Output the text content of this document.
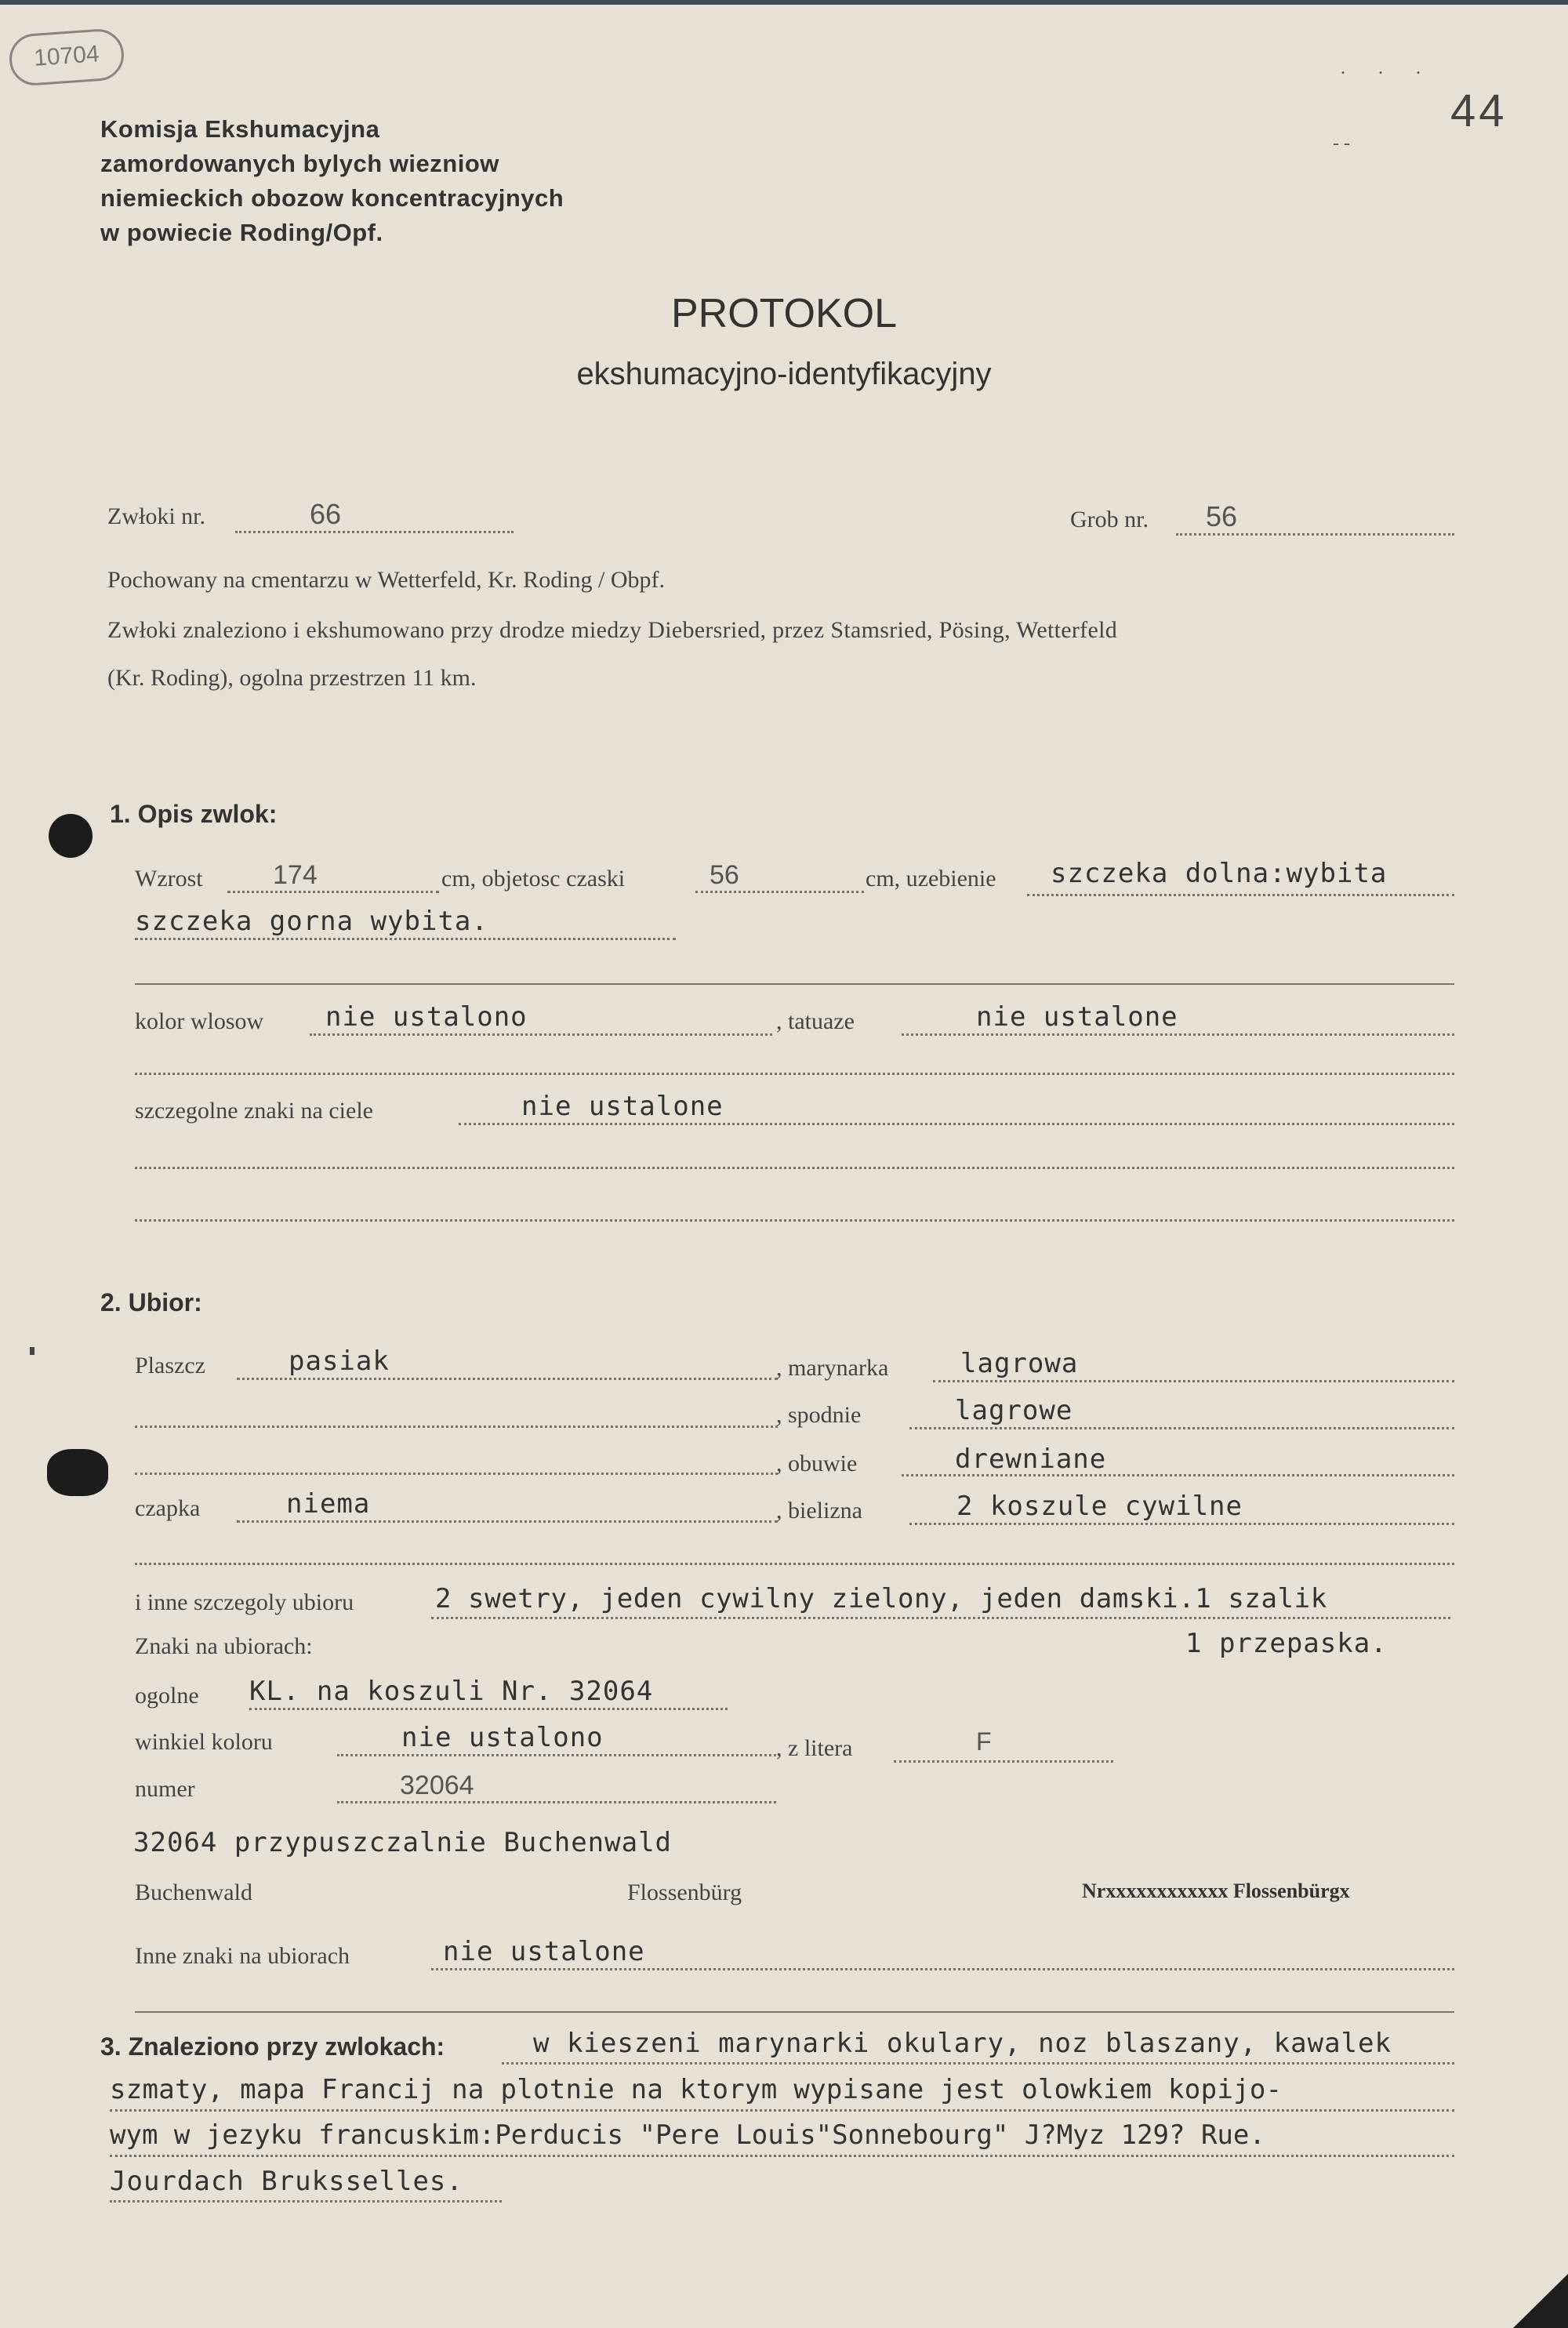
10704
44
. . .
- -
Komisja Ekshumacyjna
zamordowanych bylych wiezniow
niemieckich obozow koncentracyjnych
w powiecie Roding/Opf.
PROTOKOL
ekshumacyjno-identyfikacyjny
Zwłoki nr.	66	Grob nr. 56
Pochowany na cmentarzu w Wetterfeld, Kr. Roding / Obpf.
Zwłoki znaleziono i ekshumowano przy drodze miedzy Diebersried, przez Stamsried, Pösing, Wetterfeld
(Kr. Roding), ogolna przestrzen 11 km.
1. Opis zwlok:
Wzrost	174	cm, objetosc czaski	56	cm, uzebienie szczeka dolna:wybita
szczeka gorna wybita.
kolor wlosow nie ustalono	, tatuaze	nie ustalone
szczegolne znaki na ciele	nie ustalone
2. Ubior:
Plaszcz	pasiak	, marynarka	lagrowa
, spodnie	lagrowe
, obuwie	drewniane
czapka	niema	, bielizna	2 koszule cywilne
i inne szczegoly ubioru	2 swetry, jeden cywilny zielony, jeden damski.1 szalik
Znaki na ubiorach:	1 przepaska.
ogolne KL. na koszuli Nr. 32064
winkiel koloru	nie ustalono	, z litera	F
numer	32064
32064 przypuszczalnie Buchenwald
Buchenwald	Flossenbürg	Nrxxxxxxxxxxxx Flossenbürgx
Inne znaki na ubiorach	nie ustalone
3. Znaleziono przy zwlokach:	w kieszeni marynarki okulary, noz blaszany, kawalek
szmaty, mapa Francij na plotnie na ktorym wypisane jest olowkiem kopijo-
wym w jezyku francuskim:Perducis "Pere Louis"Sonnebourg" J?Myz 129? Rue.
Jourdach Bruksselles.
